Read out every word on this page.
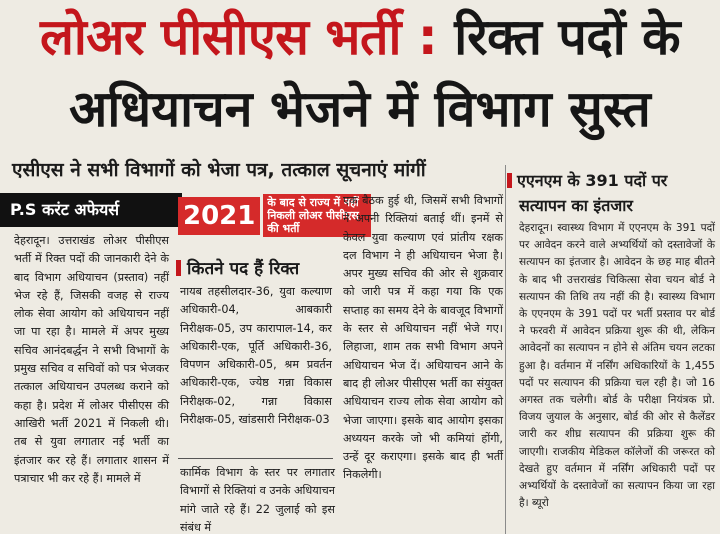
लोअर पीसीएस भर्ती : रिक्त पदों के
अधियाचन भेजने में विभाग सुस्त
एसीएस ने सभी विभागों को भेजा पत्र, तत्काल सूचनाएं मांगीं
P.S करंट अफेयर्स
देहरादून। उत्तराखंड लोअर पीसीएस भर्ती में रिक्त पदों की जानकारी देने के बाद विभाग अधियाचन (प्रस्ताव) नहीं भेज रहे हैं, जिसकी वजह से राज्य लोक सेवा आयोग को अधियाचन नहीं जा पा रहा है। मामले में अपर मुख्य सचिव आनंदबर्द्धन ने सभी विभागों के प्रमुख सचिव व सचिवों को पत्र भेजकर तत्काल अधियाचन उपलब्ध कराने को कहा है। प्रदेश में लोअर पीसीएस की आखिरी भर्ती 2021 में निकली थी। तब से युवा लगातार नई भर्ती का इंतजार कर रहे हैं। लगातार शासन में पत्राचार भी कर रहे हैं। मामले में
2021	के बाद से राज्य में नहीं निकली लोअर पीसीएस की भर्ती
कितने पद हैं रिक्त
नायब तहसीलदार-36, युवा कल्याण अधिकारी-04, आबकारी निरीक्षक-05, उप कारापाल-14, कर अधिकारी-एक, पूर्ति अधिकारी-36, विपणन अधिकारी-05, श्रम प्रवर्तन अधिकारी-एक, ज्येष्ठ गन्ना विकास निरीक्षक-02, गन्ना विकास निरीक्षक-05, खांडसारी निरीक्षक-03
कार्मिक विभाग के स्तर पर लगातार विभागों से रिक्तियां व उनके अधियाचन मांगे जाते रहे हैं। 22 जुलाई को इस संबंध में
एक बैठक हुई थी, जिसमें सभी विभागों ने अपनी रिक्तियां बताई थीं। इनमें से केवल युवा कल्याण एवं प्रांतीय रक्षक दल विभाग ने ही अधियाचन भेजा है। अपर मुख्य सचिव की ओर से शुक्रवार को जारी पत्र में कहा गया कि एक सप्ताह का समय देने के बावजूद विभागों के स्तर से अधियाचन नहीं भेजे गए। लिहाजा, शाम तक सभी विभाग अपने अधियाचन भेज दें। अधियाचन आने के बाद ही लोअर पीसीएस भर्ती का संयुक्त अधियाचन राज्य लोक सेवा आयोग को भेजा जाएगा। इसके बाद आयोग इसका अध्ययन करके जो भी कमियां होंगी, उन्हें दूर कराएगा। इसके बाद ही भर्ती निकलेगी।
एएनएम के 391 पदों पर
सत्यापन का इंतजार
देहरादून। स्वास्थ्य विभाग में एएनएम के 391 पदों पर आवेदन करने वाले अभ्यर्थियों को दस्तावेजों के सत्यापन का इंतजार है। आवेदन के छह माह बीतने के बाद भी उत्तराखंड चिकित्सा सेवा चयन बोर्ड ने सत्यापन की तिथि तय नहीं की है। स्वास्थ्य विभाग के एएनएम के 391 पदों पर भर्ती प्रस्ताव पर बोर्ड ने फरवरी में आवेदन प्रक्रिया शुरू की थी, लेकिन आवेदनों का सत्यापन न होने से अंतिम चयन लटका हुआ है। वर्तमान में नर्सिंग अधिकारियों के 1,455 पदों पर सत्यापन की प्रक्रिया चल रही है। जो 16 अगस्त तक चलेगी। बोर्ड के परीक्षा नियंत्रक प्रो. विजय जुयाल के अनुसार, बोर्ड की ओर से कैलेंडर जारी कर शीघ्र सत्यापन की प्रक्रिया शुरू की जाएगी। राजकीय मेडिकल कॉलेजों की जरूरत को देखते हुए वर्तमान में नर्सिंग अधिकारी पदों पर अभ्यर्थियों के दस्तावेजों का सत्यापन किया जा रहा है। ब्यूरो
